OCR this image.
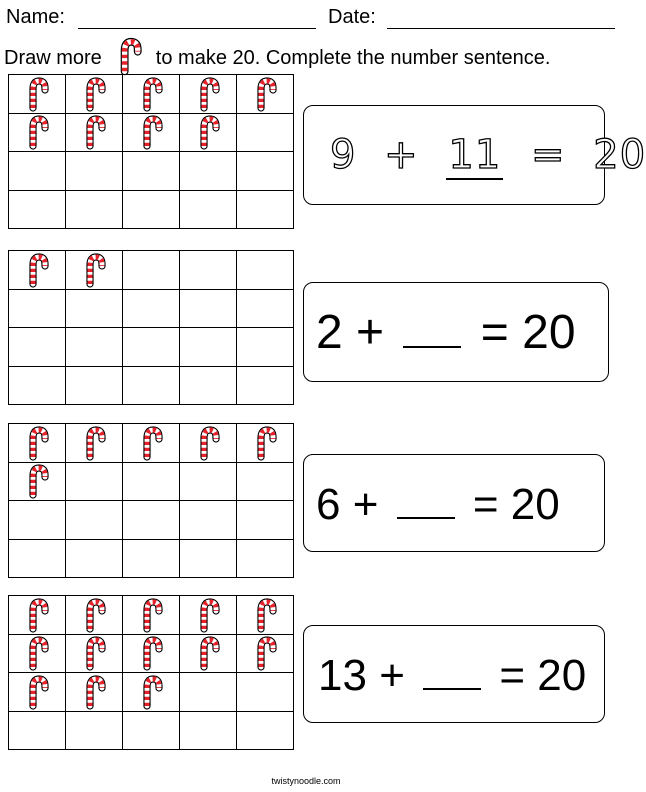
Name:	Date:
Draw more	to make 20. Complete the number sentence.

9 + 11 = 20
2 + = 20
6 + = 20
13 + = 20
twistynoodle.com
